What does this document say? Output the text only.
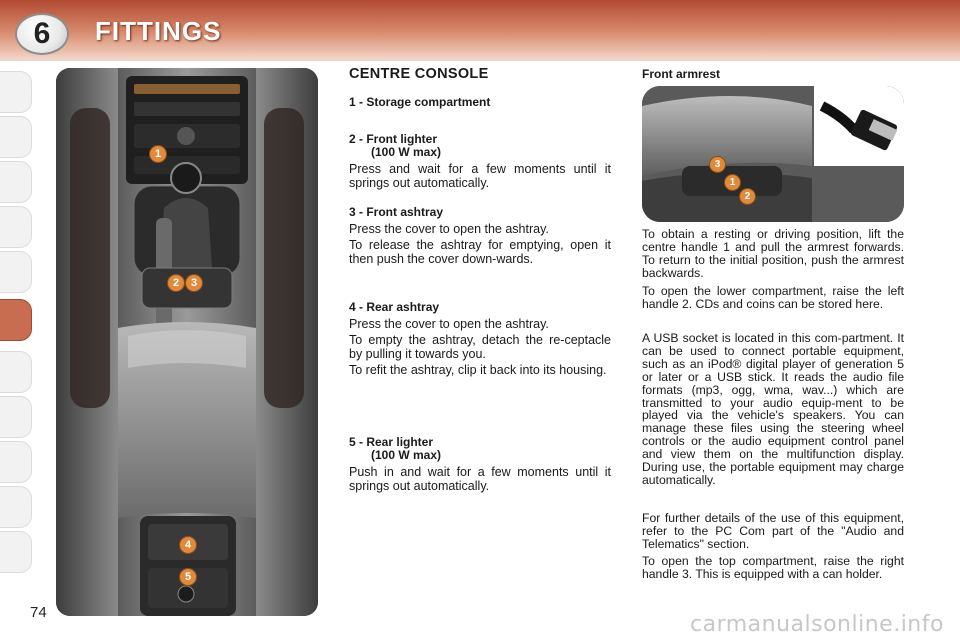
6 FITTINGS
1
2	3
4
5
CENTRE CONSOLE
1 - Storage compartment
2 - Front lighter
(100 W max)
Press and wait for a few moments until it springs out automatically.
3 - Front ashtray
Press the cover to open the ashtray.
To release the ashtray for emptying, open it then push the cover down-wards.
4 - Rear ashtray
Press the cover to open the ashtray.
To empty the ashtray, detach the re-ceptacle by pulling it towards you.
To refit the ashtray, clip it back into its housing.
5 - Rear lighter
(100 W max)
Push in and wait for a few moments until it springs out automatically.
Front armrest
3
1
2
To obtain a resting or driving position, lift the centre handle 1 and pull the armrest forwards. To return to the initial position, push the armrest backwards.
To open the lower compartment, raise the left handle 2. CDs and coins can be stored here.
A USB socket is located in this com-partment. It can be used to connect portable equipment, such as an iPod® digital player of generation 5 or later or a USB stick. It reads the audio file formats (mp3, ogg, wma, wav...) which are transmitted to your audio equip-ment to be played via the vehicle's speakers. You can manage these files using the steering wheel controls or the audio equipment control panel and view them on the multifunction display. During use, the portable equipment may charge automatically.
For further details of the use of this equipment, refer to the PC Com part of the "Audio and Telematics" section.
To open the top compartment, raise the right handle 3. This is equipped with a can holder.
74	carmanualsonline.info
